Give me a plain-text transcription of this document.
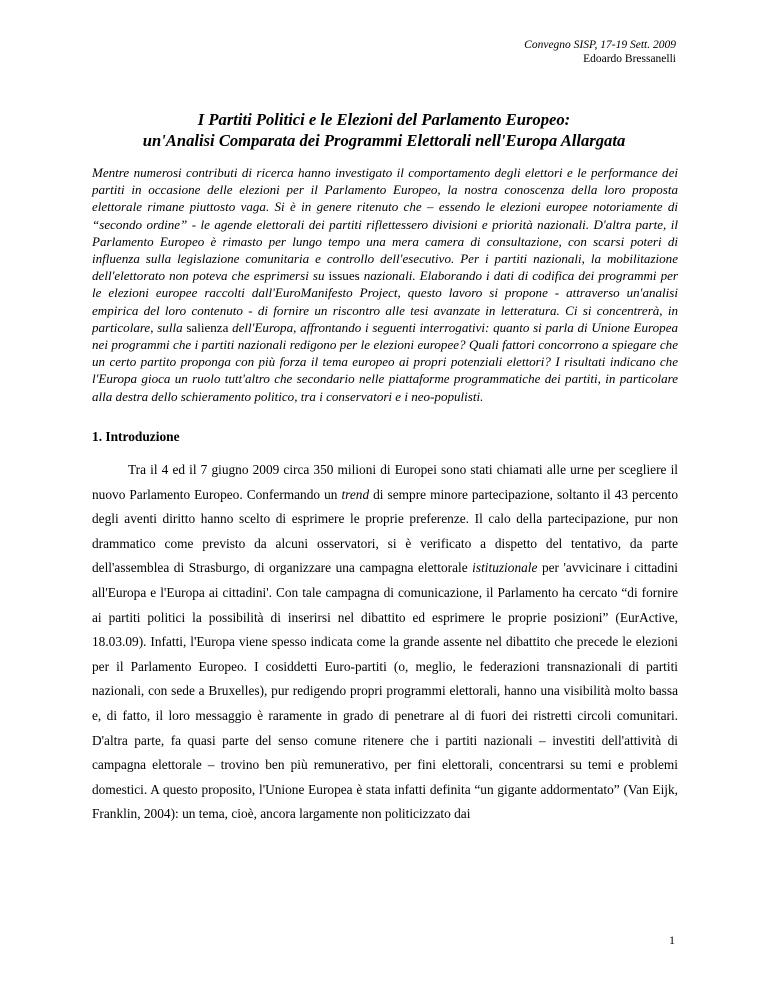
Convegno SISP, 17-19 Sett. 2009
Edoardo Bressanelli
I Partiti Politici e le Elezioni del Parlamento Europeo:
un'Analisi Comparata dei Programmi Elettorali nell'Europa Allargata
Mentre numerosi contributi di ricerca hanno investigato il comportamento degli elettori e le performance dei partiti in occasione delle elezioni per il Parlamento Europeo, la nostra conoscenza della loro proposta elettorale rimane piuttosto vaga. Si è in genere ritenuto che – essendo le elezioni europee notoriamente di “secondo ordine” - le agende elettorali dei partiti riflettessero divisioni e priorità nazionali. D'altra parte, il Parlamento Europeo è rimasto per lungo tempo una mera camera di consultazione, con scarsi poteri di influenza sulla legislazione comunitaria e controllo dell'esecutivo. Per i partiti nazionali, la mobilitazione dell'elettorato non poteva che esprimersi su issues nazionali. Elaborando i dati di codifica dei programmi per le elezioni europee raccolti dall'EuroManifesto Project, questo lavoro si propone - attraverso un'analisi empirica del loro contenuto - di fornire un riscontro alle tesi avanzate in letteratura. Ci si concentrerà, in particolare, sulla salienza dell'Europa, affrontando i seguenti interrogativi: quanto si parla di Unione Europea nei programmi che i partiti nazionali redigono per le elezioni europee? Quali fattori concorrono a spiegare che un certo partito proponga con più forza il tema europeo ai propri potenziali elettori? I risultati indicano che l'Europa gioca un ruolo tutt'altro che secondario nelle piattaforme programmatiche dei partiti, in particolare alla destra dello schieramento politico, tra i conservatori e i neo-populisti.
1. Introduzione

Tra il 4 ed il 7 giugno 2009 circa 350 milioni di Europei sono stati chiamati alle urne per scegliere il nuovo Parlamento Europeo. Confermando un trend di sempre minore partecipazione, soltanto il 43 percento degli aventi diritto hanno scelto di esprimere le proprie preferenze. Il calo della partecipazione, pur non drammatico come previsto da alcuni osservatori, si è verificato a dispetto del tentativo, da parte dell'assemblea di Strasburgo, di organizzare una campagna elettorale istituzionale per 'avvicinare i cittadini all'Europa e l'Europa ai cittadini'. Con tale campagna di comunicazione, il Parlamento ha cercato “di fornire ai partiti politici la possibilità di inserirsi nel dibattito ed esprimere le proprie posizioni” (EurActive, 18.03.09). Infatti, l'Europa viene spesso indicata come la grande assente nel dibattito che precede le elezioni per il Parlamento Europeo. I cosiddetti Euro-partiti (o, meglio, le federazioni transnazionali di partiti nazionali, con sede a Bruxelles), pur redigendo propri programmi elettorali, hanno una visibilità molto bassa e, di fatto, il loro messaggio è raramente in grado di penetrare al di fuori dei ristretti circoli comunitari. D'altra parte, fa quasi parte del senso comune ritenere che i partiti nazionali – investiti dell'attività di campagna elettorale – trovino ben più remunerativo, per fini elettorali, concentrarsi su temi e problemi domestici. A questo proposito, l'Unione Europea è stata infatti definita “un gigante addormentato” (Van Eijk, Franklin, 2004): un tema, cioè, ancora largamente non politicizzato dai

1
